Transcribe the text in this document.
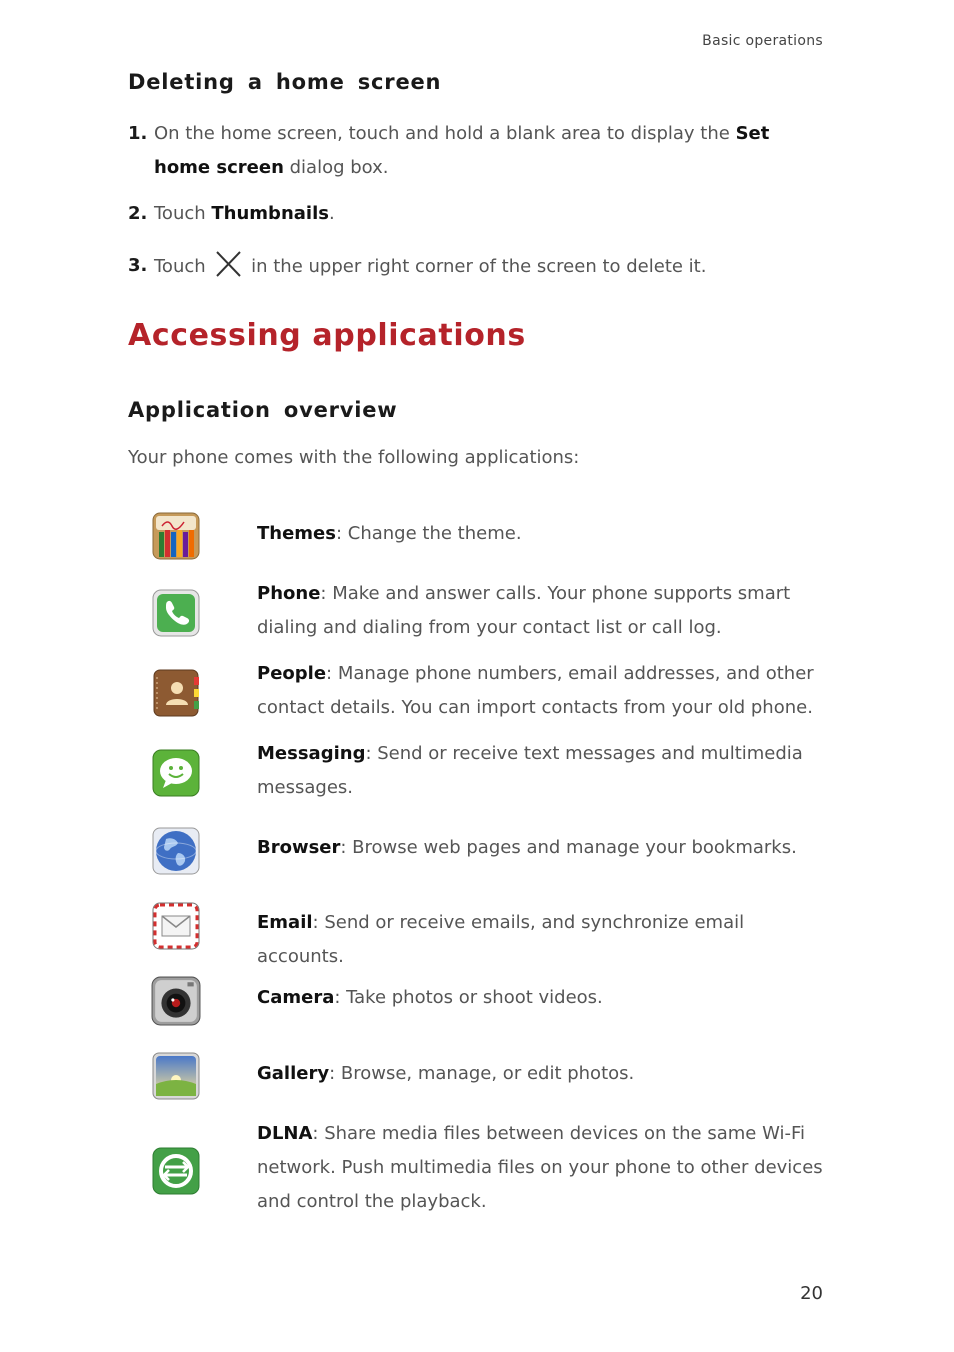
Basic operations
Deleting a home screen
1. On the home screen, touch and hold a blank area to display the Set home screen dialog box.
2. Touch Thumbnails.
3. Touch  in the upper right corner of the screen to delete it.
Accessing applications
Application overview
Your phone comes with the following applications:
Themes: Change the theme.
Phone: Make and answer calls. Your phone supports smart dialing and dialing from your contact list or call log.
People: Manage phone numbers, email addresses, and other contact details. You can import contacts from your old phone.
Messaging: Send or receive text messages and multimedia messages.
Browser: Browse web pages and manage your bookmarks.
Email: Send or receive emails, and synchronize email accounts.
Camera: Take photos or shoot videos.
Gallery: Browse, manage, or edit photos.
DLNA: Share media files between devices on the same Wi-Fi network. Push multimedia files on your phone to other devices and control the playback.
20
